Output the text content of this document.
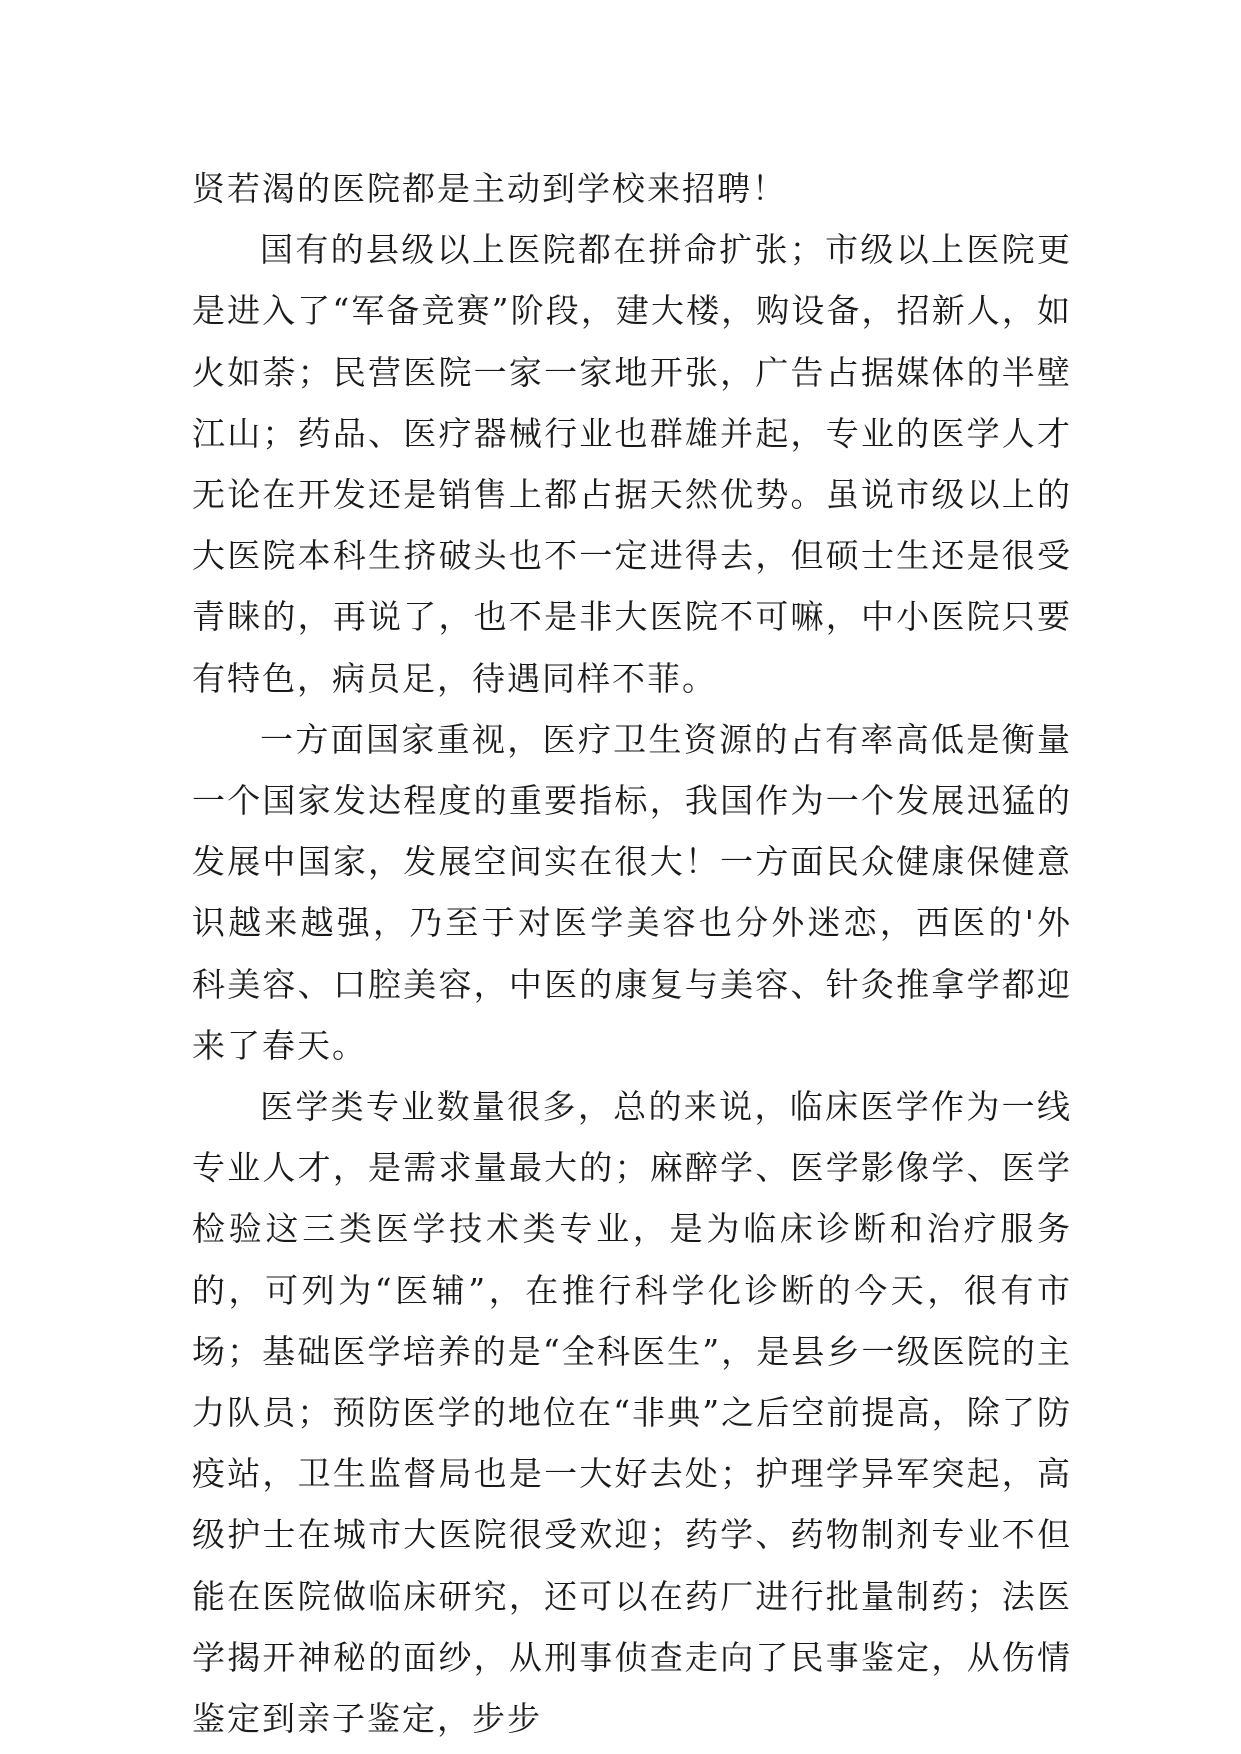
贤若渴的医院都是主动到学校来招聘！

国有的县级以上医院都在拼命扩张；市级以上医院更是进入了“军备竞赛”阶段，建大楼，购设备，招新人，如火如荼；民营医院一家一家地开张，广告占据媒体的半壁江山；药品、医疗器械行业也群雄并起，专业的医学人才无论在开发还是销售上都占据天然优势。虽说市级以上的大医院本科生挤破头也不一定进得去，但硕士生还是很受青睐的，再说了，也不是非大医院不可嘛，中小医院只要有特色，病员足，待遇同样不菲。

一方面国家重视，医疗卫生资源的占有率高低是衡量一个国家发达程度的重要指标，我国作为一个发展迅猛的发展中国家，发展空间实在很大！一方面民众健康保健意识越来越强，乃至于对医学美容也分外迷恋，西医的'外科美容、口腔美容，中医的康复与美容、针灸推拿学都迎来了春天。

医学类专业数量很多，总的来说，临床医学作为一线专业人才，是需求量最大的；麻醉学、医学影像学、医学检验这三类医学技术类专业，是为临床诊断和治疗服务的，可列为“医辅”，在推行科学化诊断的今天，很有市场；基础医学培养的是“全科医生”，是县乡一级医院的主力队员；预防医学的地位在“非典”之后空前提高，除了防疫站，卫生监督局也是一大好去处；护理学异军突起，高级护士在城市大医院很受欢迎；药学、药物制剂专业不但能在医院做临床研究，还可以在药厂进行批量制药；法医学揭开神秘的面纱，从刑事侦查走向了民事鉴定，从伤情鉴定到亲子鉴定，步步
